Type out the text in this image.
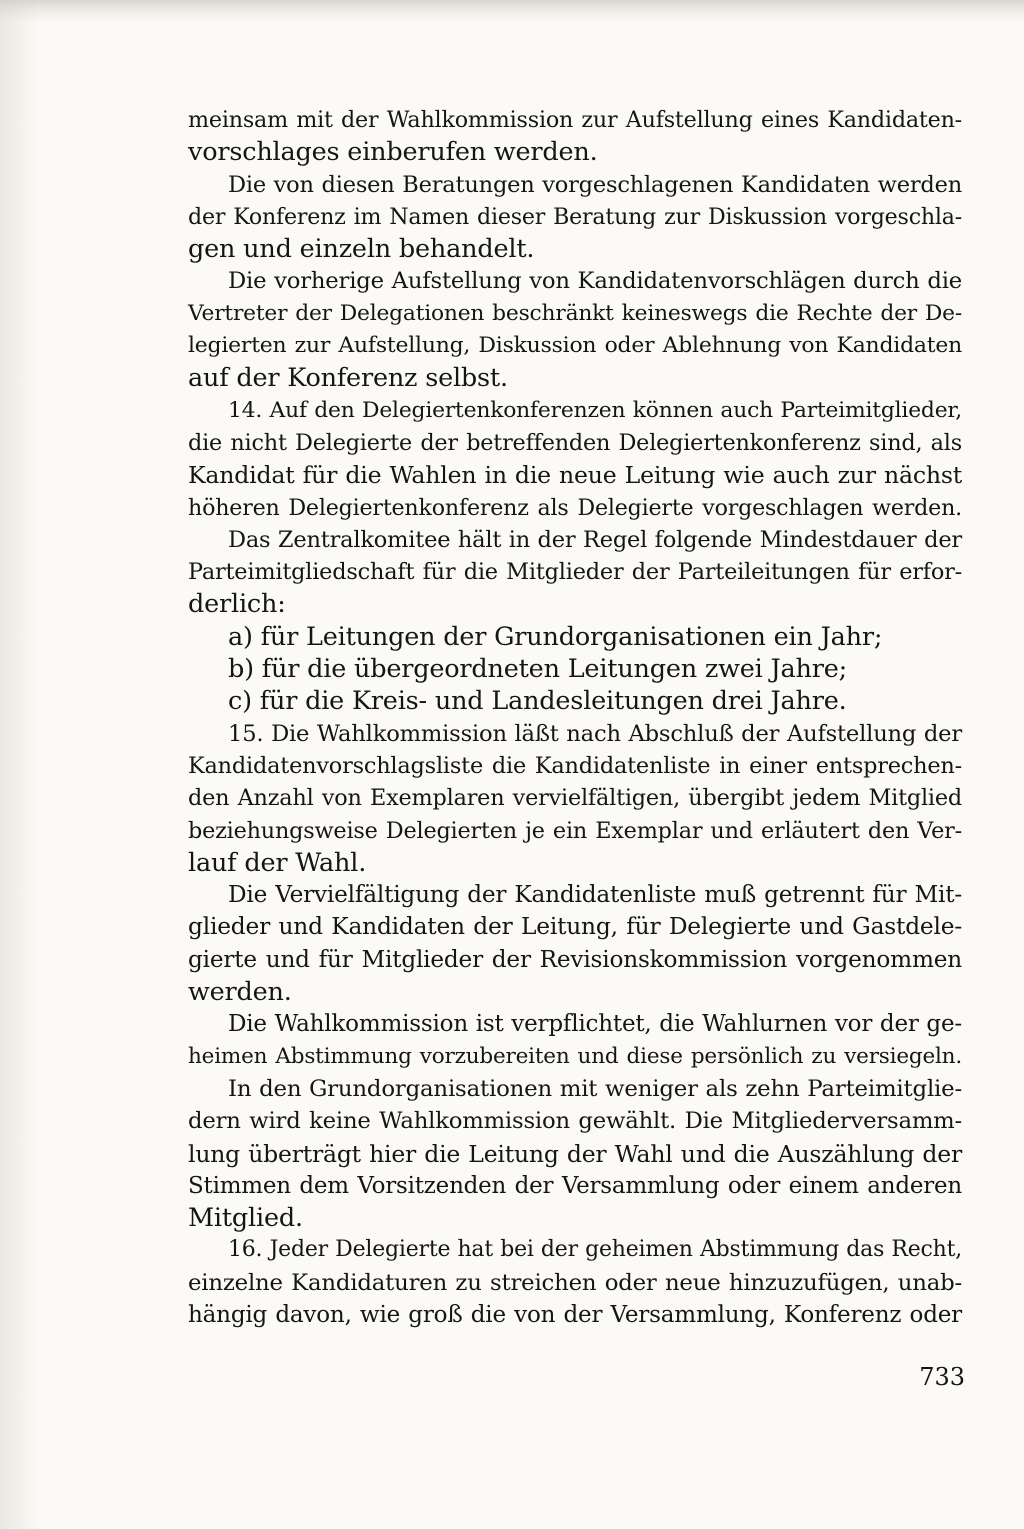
meinsam mit der Wahlkommission zur Aufstellung eines Kandidaten-
vorschlages einberufen werden.
Die von diesen Beratungen vorgeschlagenen Kandidaten werden
der Konferenz im Namen dieser Beratung zur Diskussion vorgeschla-
gen und einzeln behandelt.
Die vorherige Aufstellung von Kandidatenvorschlägen durch die
Vertreter der Delegationen beschränkt keineswegs die Rechte der De-
legierten zur Aufstellung, Diskussion oder Ablehnung von Kandidaten
auf der Konferenz selbst.
14. Auf den Delegiertenkonferenzen können auch Parteimitglieder,
die nicht Delegierte der betreffenden Delegiertenkonferenz sind, als
Kandidat für die Wahlen in die neue Leitung wie auch zur nächst
höheren Delegiertenkonferenz als Delegierte vorgeschlagen werden.
Das Zentralkomitee hält in der Regel folgende Mindestdauer der
Parteimitgliedschaft für die Mitglieder der Parteileitungen für erfor-
derlich:
a) für Leitungen der Grundorganisationen ein Jahr;
b) für die übergeordneten Leitungen zwei Jahre;
c) für die Kreis- und Landesleitungen drei Jahre.
15. Die Wahlkommission läßt nach Abschluß der Aufstellung der
Kandidatenvorschlagsliste die Kandidatenliste in einer entsprechen-
den Anzahl von Exemplaren vervielfältigen, übergibt jedem Mitglied
beziehungsweise Delegierten je ein Exemplar und erläutert den Ver-
lauf der Wahl.
Die Vervielfältigung der Kandidatenliste muß getrennt für Mit-
glieder und Kandidaten der Leitung, für Delegierte und Gastdele-
gierte und für Mitglieder der Revisionskommission vorgenommen
werden.
Die Wahlkommission ist verpflichtet, die Wahlurnen vor der ge-
heimen Abstimmung vorzubereiten und diese persönlich zu versiegeln.
In den Grundorganisationen mit weniger als zehn Parteimitglie-
dern wird keine Wahlkommission gewählt. Die Mitgliederversamm-
lung überträgt hier die Leitung der Wahl und die Auszählung der
Stimmen dem Vorsitzenden der Versammlung oder einem anderen
Mitglied.
16. Jeder Delegierte hat bei der geheimen Abstimmung das Recht,
einzelne Kandidaturen zu streichen oder neue hinzuzufügen, unab-
hängig davon, wie groß die von der Versammlung, Konferenz oder
733
